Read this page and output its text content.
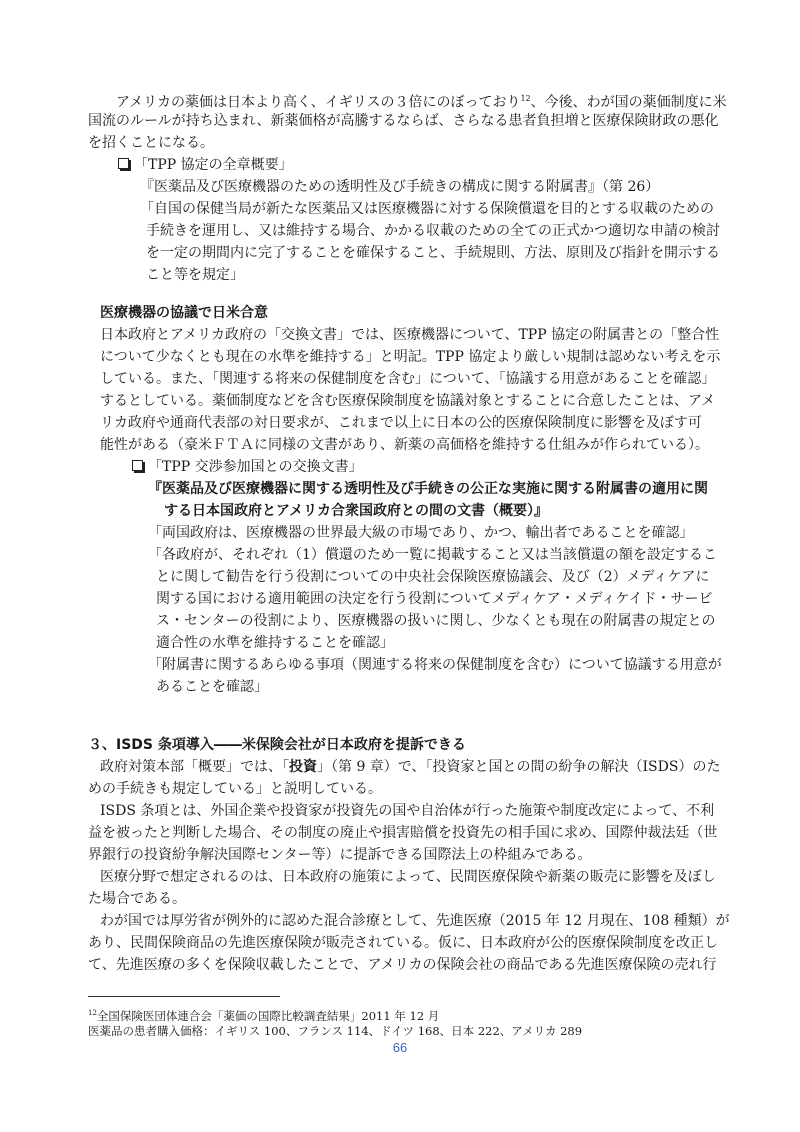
アメリカの薬価は日本より高く、イギリスの３倍にのぼっており$^{12}$、今後、わが国の薬価制度に米
国流のルールが持ち込まれ、新薬価格が高騰するならば、さらなる患者負担増と医療保険財政の悪化
を招くことになる。
「TPP 協定の全章概要」
『医薬品及び医療機器のための透明性及び手続きの構成に関する附属書』（第 26）
「自国の保健当局が新たな医薬品又は医療機器に対する保険償還を目的とする収載のための
手続きを運用し、又は維持する場合、かかる収載のための全ての正式かつ適切な申請の検討
を一定の期間内に完了することを確保すること、手続規則、方法、原則及び指針を開示する
こと等を規定」
医療機器の協議で日米合意
日本政府とアメリカ政府の「交換文書」では、医療機器について、TPP 協定の附属書との「整合性
について少なくとも現在の水準を維持する」と明記。TPP 協定より厳しい規制は認めない考えを示
している。また、「関連する将来の保健制度を含む」について、「協議する用意があることを確認」
するとしている。薬価制度などを含む医療保険制度を協議対象とすることに合意したことは、アメ
リカ政府や通商代表部の対日要求が、これまで以上に日本の公的医療保険制度に影響を及ぼす可
能性がある（豪米ＦＴＡに同様の文書があり、新薬の高価格を維持する仕組みが作られている）。
「TPP 交渉参加国との交換文書」
『医薬品及び医療機器に関する透明性及び手続きの公正な実施に関する附属書の適用に関
する日本国政府とアメリカ合衆国政府との間の文書（概要）』
「両国政府は、医療機器の世界最大級の市場であり、かつ、輸出者であることを確認」
「各政府が、それぞれ（1）償還のため一覧に掲載すること又は当該償還の額を設定するこ
とに関して勧告を行う役割についての中央社会保険医療協議会、及び（2）メディケアに
関する国における適用範囲の決定を行う役割についてメディケア・メディケイド・サービ
ス・センターの役割により、医療機器の扱いに関し、少なくとも現在の附属書の規定との
適合性の水準を維持することを確認」
「附属書に関するあらゆる事項（関連する将来の保健制度を含む）について協議する用意が
あることを確認」
３、ISDS 条項導入――米保険会社が日本政府を提訴できる
政府対策本部「概要」では、「投資」（第 9 章）で、「投資家と国との間の紛争の解決（ISDS）のた
めの手続きも規定している」と説明している。
ISDS 条項とは、外国企業や投資家が投資先の国や自治体が行った施策や制度改定によって、不利
益を被ったと判断した場合、その制度の廃止や損害賠償を投資先の相手国に求め、国際仲裁法廷（世
界銀行の投資紛争解決国際センター等）に提訴できる国際法上の枠組みである。
医療分野で想定されるのは、日本政府の施策によって、民間医療保険や新薬の販売に影響を及ぼし
た場合である。
わが国では厚労省が例外的に認めた混合診療として、先進医療（2015 年 12 月現在、108 種類）が
あり、民間保険商品の先進医療保険が販売されている。仮に、日本政府が公的医療保険制度を改正し
て、先進医療の多くを保険収載したことで、アメリカの保険会社の商品である先進医療保険の売れ行
$^{12}$全国保険医団体連合会「薬価の国際比較調査結果」2011 年 12 月
医薬品の患者購入価格：イギリス 100、フランス 114、ドイツ 168、日本 222、アメリカ 289
66
